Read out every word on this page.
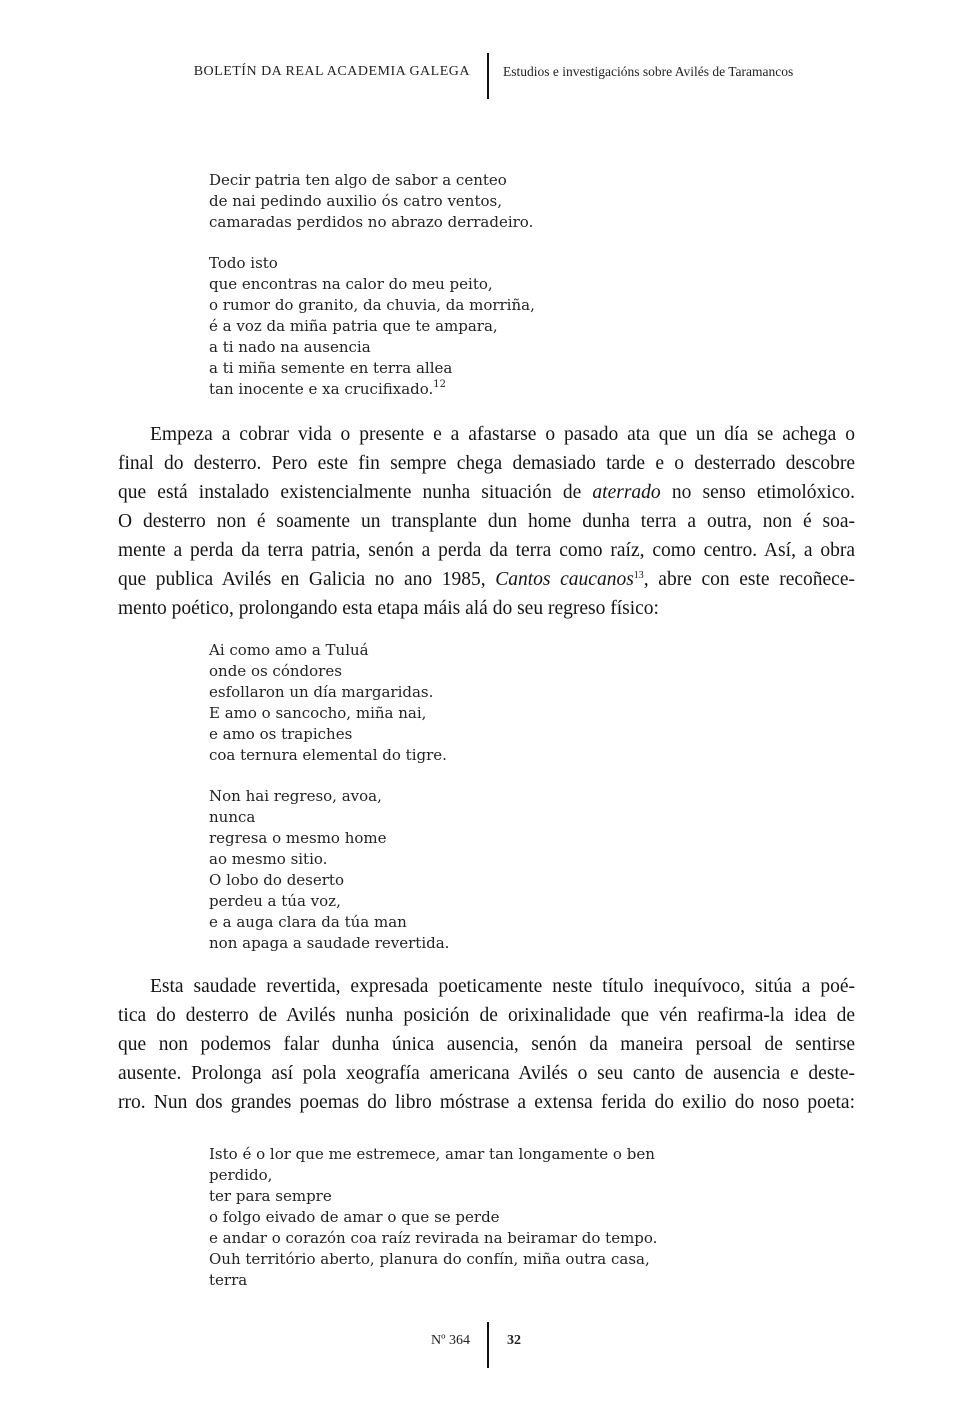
BOLETÍN DA REAL ACADEMIA GALEGA Estudios e investigacións sobre Avilés de Taramancos
Decir patria ten algo de sabor a centeo
de nai pedindo auxilio ós catro ventos,
camaradas perdidos no abrazo derradeiro.
Todo isto
que encontras na calor do meu peito,
o rumor do granito, da chuvia, da morriña,
é a voz da miña patria que te ampara,
a ti nado na ausencia
a ti miña semente en terra allea
tan inocente e xa crucifixado.$^{12}$
Empeza a cobrar vida o presente e a afastarse o pasado ata que un día se achega o
final do desterro. Pero este fin sempre chega demasiado tarde e o desterrado descobre
que está instalado existencialmente nunha situación de aterrado no senso etimolóxico.
O desterro non é soamente un transplante dun home dunha terra a outra, non é soa-
mente a perda da terra patria, senón a perda da terra como raíz, como centro. Así, a obra
que publica Avilés en Galicia no ano 1985, Cantos caucanos$^{13}$, abre con este recoñece-
mento poético, prolongando esta etapa máis alá do seu regreso físico:
Ai como amo a Tuluá
onde os cóndores
esfollaron un día margaridas.
E amo o sancocho, miña nai,
e amo os trapiches
coa ternura elemental do tigre.
Non hai regreso, avoa,
nunca
regresa o mesmo home
ao mesmo sitio.
O lobo do deserto
perdeu a túa voz,
e a auga clara da túa man
non apaga a saudade revertida.
Esta saudade revertida, expresada poeticamente neste título inequívoco, sitúa a poé-
tica do desterro de Avilés nunha posición de orixinalidade que vén reafirma-la idea de
que non podemos falar dunha única ausencia, senón da maneira persoal de sentirse
ausente. Prolonga así pola xeografía americana Avilés o seu canto de ausencia e deste-
rro. Nun dos grandes poemas do libro móstrase a extensa ferida do exilio do noso poeta:
Isto é o lor que me estremece, amar tan longamente o ben
perdido,
ter para sempre
o folgo eivado de amar o que se perde
e andar o corazón coa raíz revirada na beiramar do tempo.
Ouh território aberto, planura do confín, miña outra casa,
terra
Nº 364	32
